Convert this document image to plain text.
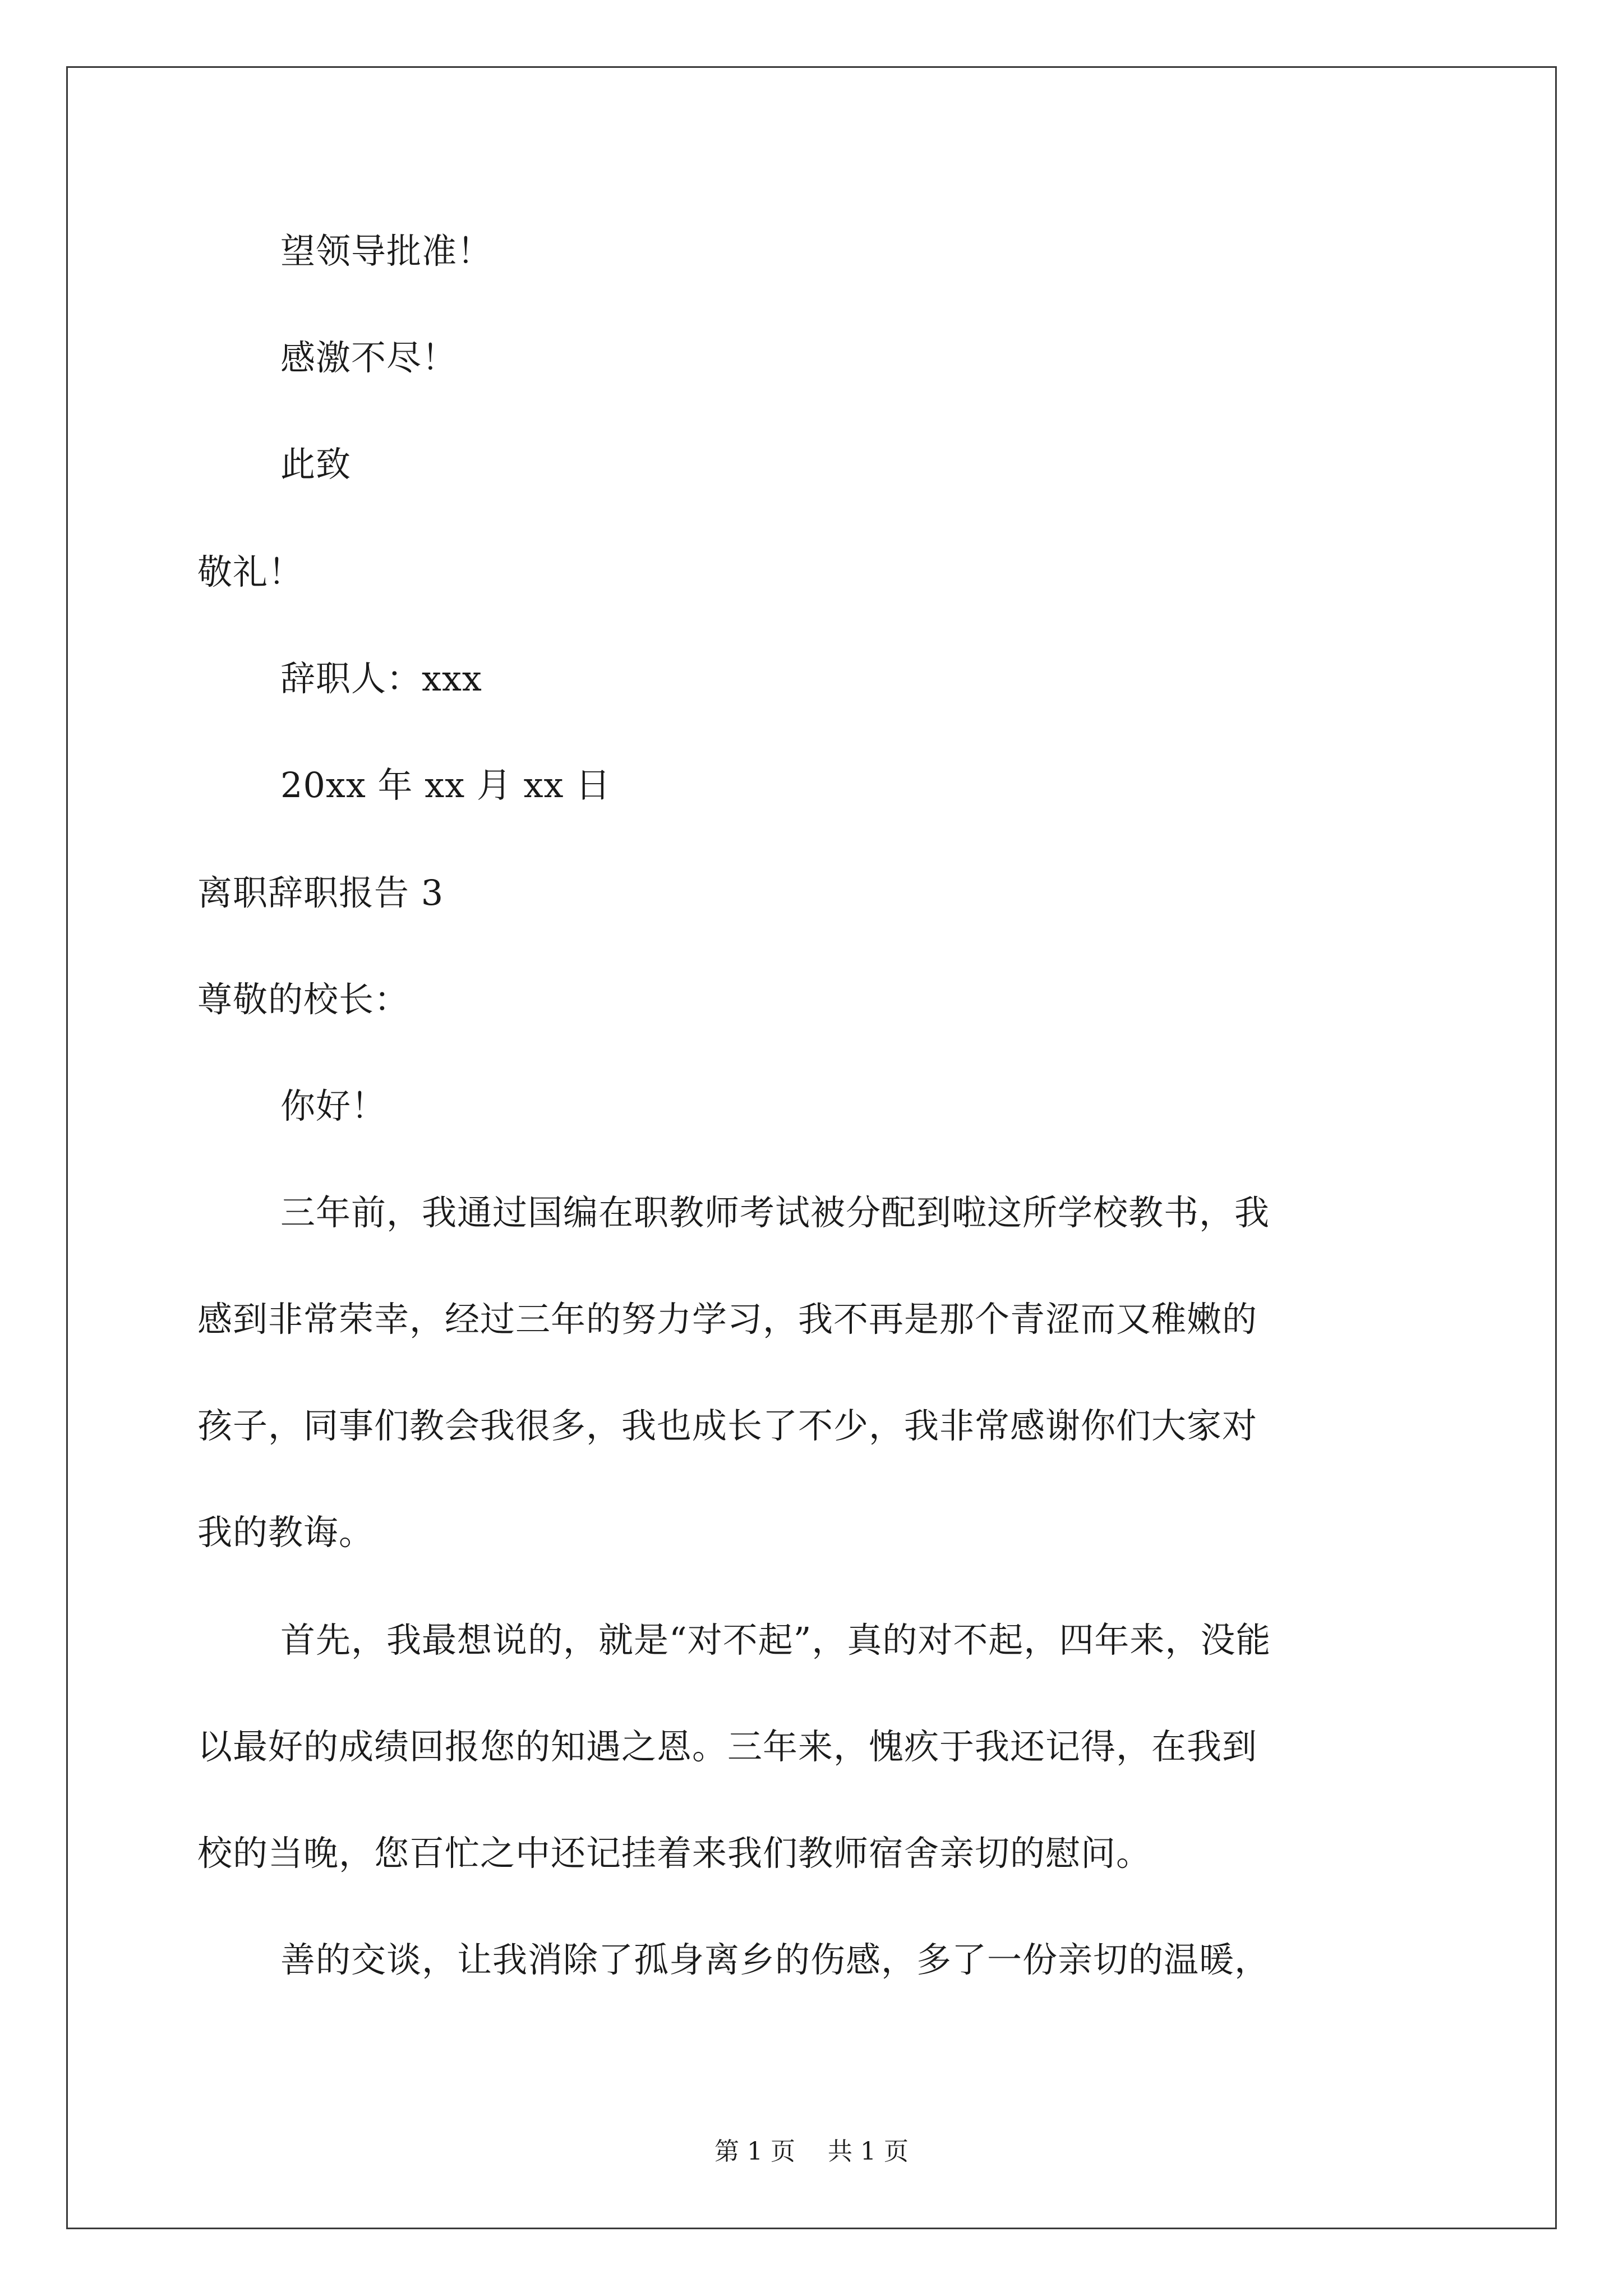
望领导批准！
感激不尽！
此致
敬礼！
辞职人：xxx
20xx 年 xx 月 xx 日
离职辞职报告 3
尊敬的校长：
你好！
三年前，我通过国编在职教师考试被分配到啦这所学校教书，我
感到非常荣幸，经过三年的努力学习，我不再是那个青涩而又稚嫩的
孩子，同事们教会我很多，我也成长了不少，我非常感谢你们大家对
我的教诲。
首先，我最想说的，就是“对不起”，真的对不起，四年来，没能
以最好的成绩回报您的知遇之恩。三年来，愧疚于我还记得，在我到
校的当晚，您百忙之中还记挂着来我们教师宿舍亲切的慰问。
善的交谈，让我消除了孤身离乡的伤感，多了一份亲切的温暖，
第 1 页　 共 1 页
